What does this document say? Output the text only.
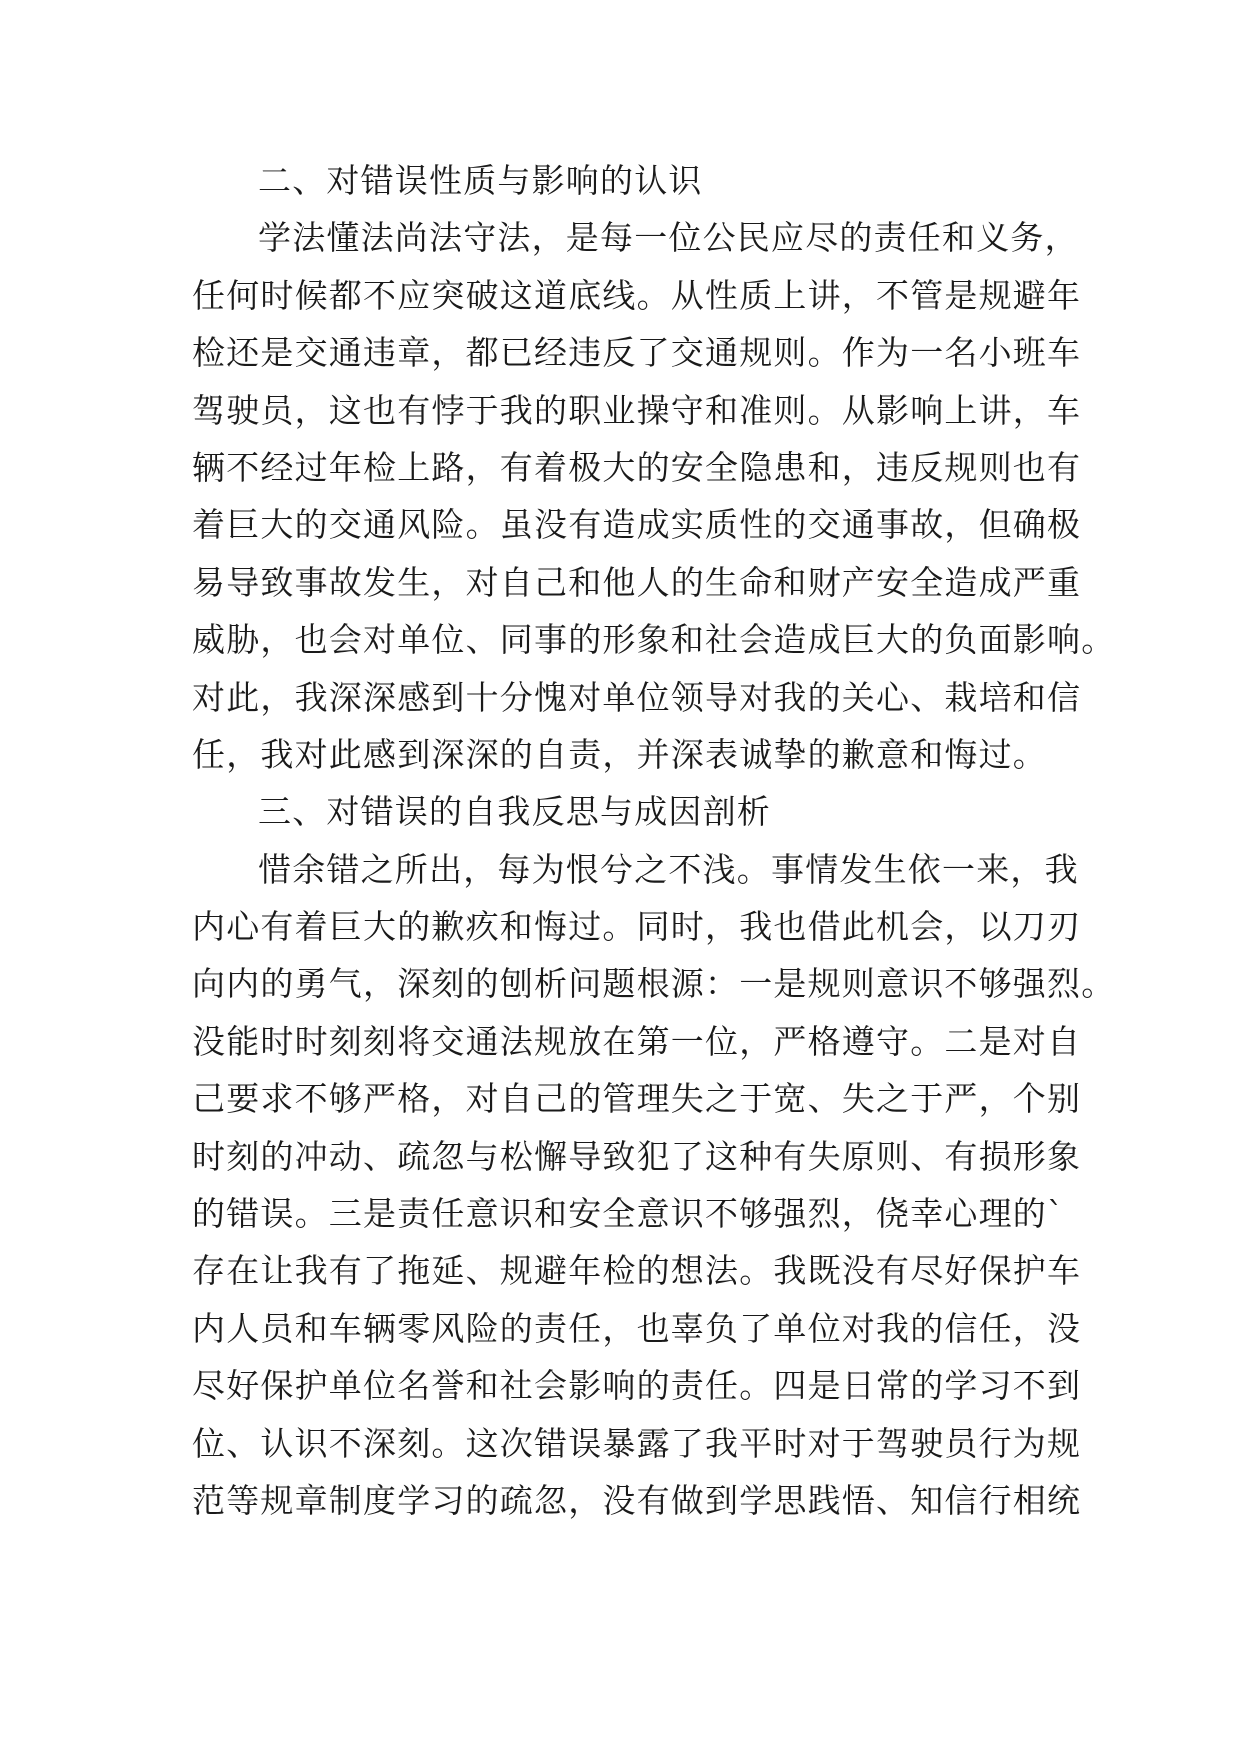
二、对错误性质与影响的认识
学法懂法尚法守法，是每一位公民应尽的责任和义务，
任何时候都不应突破这道底线。从性质上讲，不管是规避年
检还是交通违章，都已经违反了交通规则。作为一名小班车
驾驶员，这也有悖于我的职业操守和准则。从影响上讲，车
辆不经过年检上路，有着极大的安全隐患和，违反规则也有
着巨大的交通风险。虽没有造成实质性的交通事故，但确极
易导致事故发生，对自己和他人的生命和财产安全造成严重
威胁，也会对单位、同事的形象和社会造成巨大的负面影响。
对此，我深深感到十分愧对单位领导对我的关心、栽培和信
任，我对此感到深深的自责，并深表诚挚的歉意和悔过。
三、对错误的自我反思与成因剖析
惜余错之所出，每为恨兮之不浅。事情发生依一来，我
内心有着巨大的歉疚和悔过。同时，我也借此机会，以刀刃
向内的勇气，深刻的刨析问题根源：一是规则意识不够强烈。
没能时时刻刻将交通法规放在第一位，严格遵守。二是对自
己要求不够严格，对自己的管理失之于宽、失之于严，个别
时刻的冲动、疏忽与松懈导致犯了这种有失原则、有损形象
的错误。三是责任意识和安全意识不够强烈，侥幸心理的`
存在让我有了拖延、规避年检的想法。我既没有尽好保护车
内人员和车辆零风险的责任，也辜负了单位对我的信任，没
尽好保护单位名誉和社会影响的责任。四是日常的学习不到
位、认识不深刻。这次错误暴露了我平时对于驾驶员行为规
范等规章制度学习的疏忽，没有做到学思践悟、知信行相统
